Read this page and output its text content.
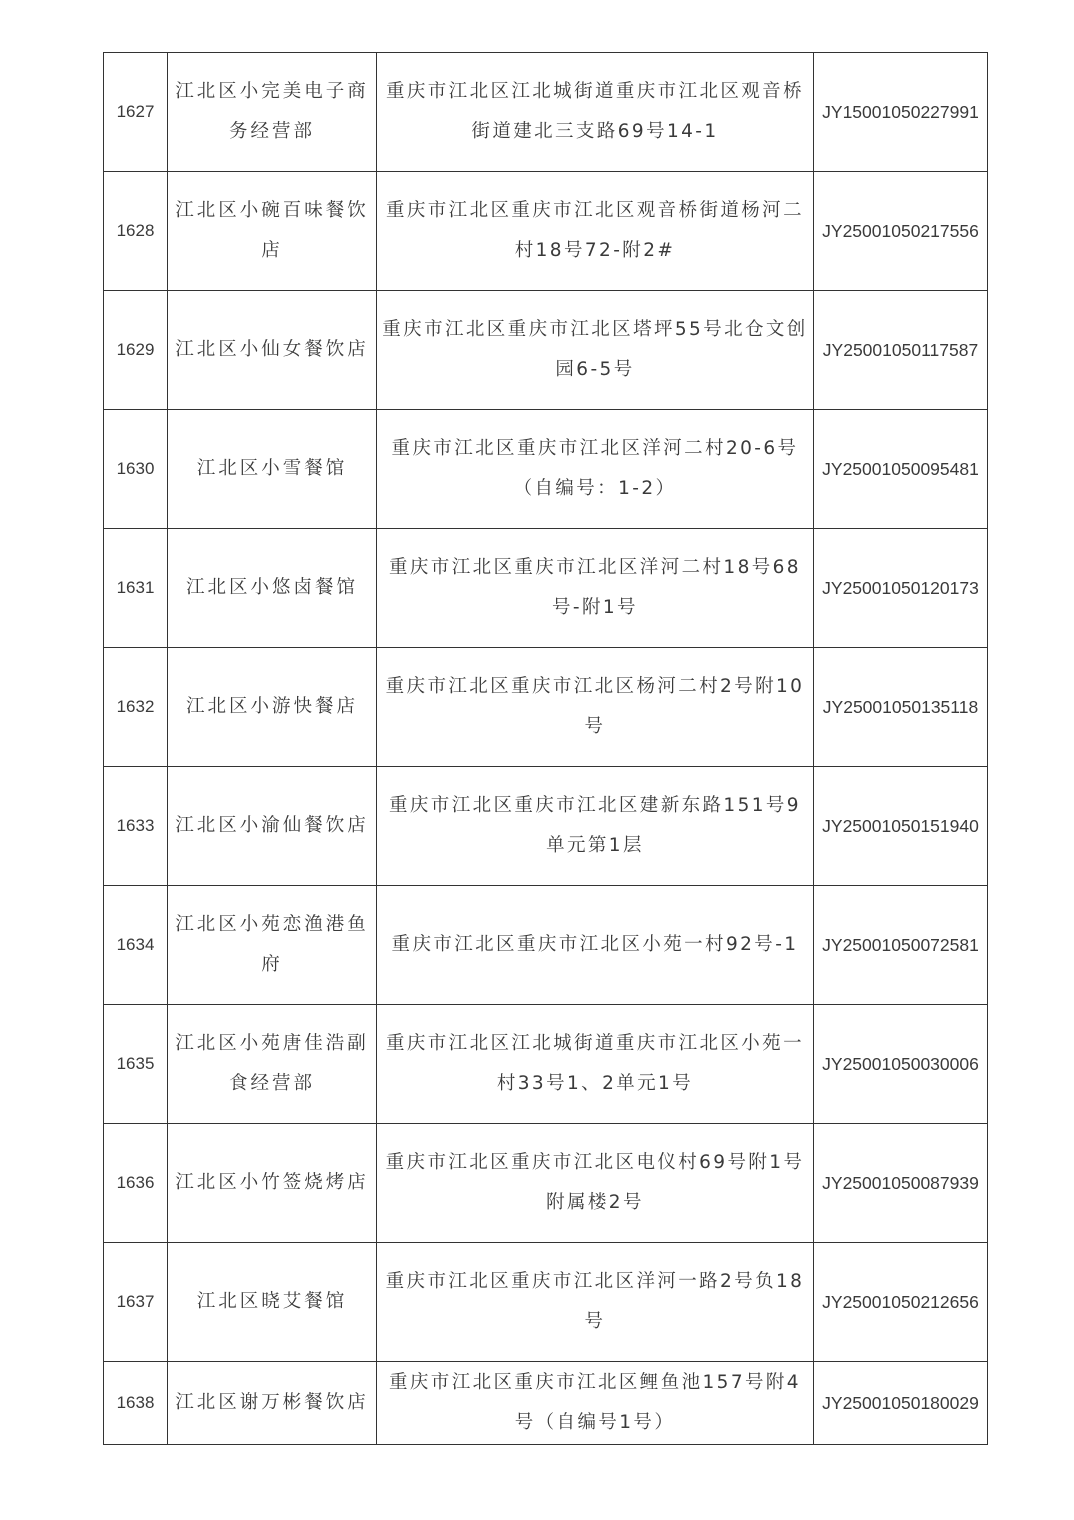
1627	江北区小完美电子商务经营部	重庆市江北区江北城街道重庆市江北区观音桥街道建北三支路69号14-1	JY15001050227991
1628	江北区小碗百味餐饮店	重庆市江北区重庆市江北区观音桥街道杨河二村18号72-附2#	JY25001050217556
1629	江北区小仙女餐饮店	重庆市江北区重庆市江北区塔坪55号北仓文创园6-5号	JY25001050117587
1630	江北区小雪餐馆	重庆市江北区重庆市江北区洋河二村20-6号（自编号：1-2）	JY25001050095481
1631	江北区小悠卤餐馆	重庆市江北区重庆市江北区洋河二村18号68号-附1号	JY25001050120173
1632	江北区小游快餐店	重庆市江北区重庆市江北区杨河二村2号附10号	JY25001050135118
1633	江北区小渝仙餐饮店	重庆市江北区重庆市江北区建新东路151号9单元第1层	JY25001050151940
1634	江北区小苑恋渔港鱼府	重庆市江北区重庆市江北区小苑一村92号-1	JY25001050072581
1635	江北区小苑唐佳浩副食经营部	重庆市江北区江北城街道重庆市江北区小苑一村33号1、2单元1号	JY25001050030006
1636	江北区小竹签烧烤店	重庆市江北区重庆市江北区电仪村69号附1号附属楼2号	JY25001050087939
1637	江北区晓艾餐馆	重庆市江北区重庆市江北区洋河一路2号负18号	JY25001050212656
1638	江北区谢万彬餐饮店	重庆市江北区重庆市江北区鲤鱼池157号附4号（自编号1号）	JY25001050180029
